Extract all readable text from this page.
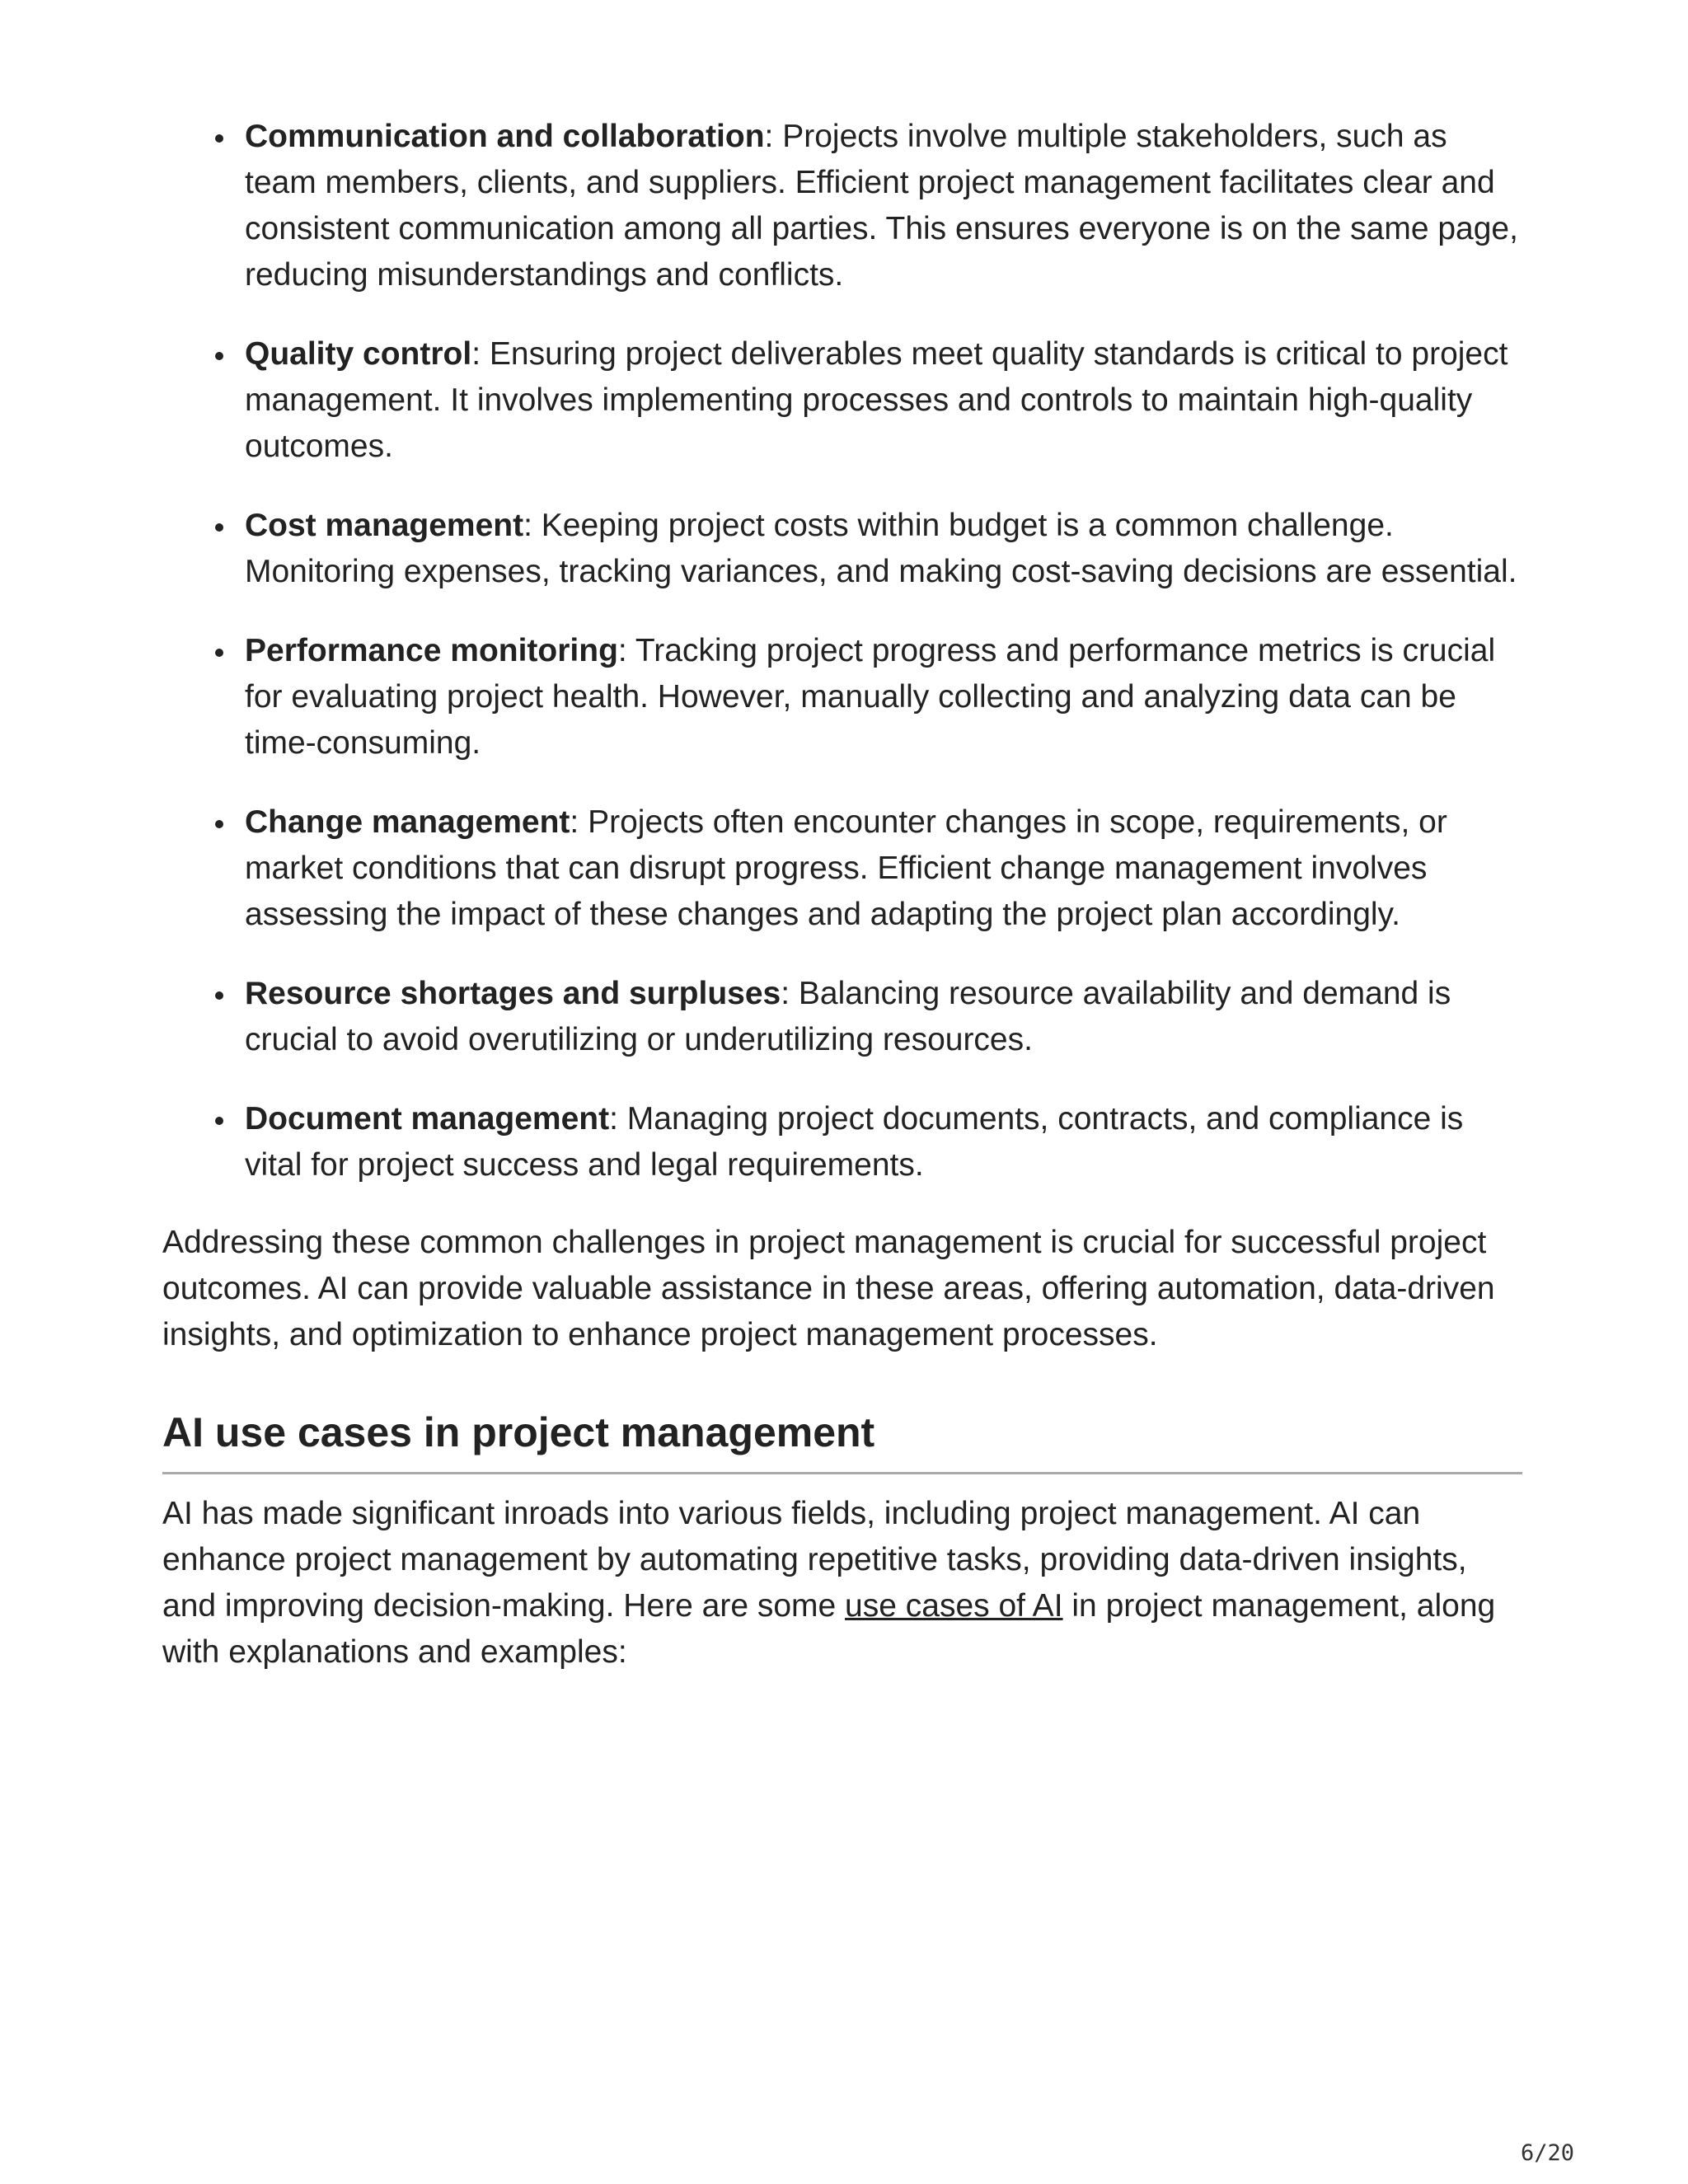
Communication and collaboration: Projects involve multiple stakeholders, such as team members, clients, and suppliers. Efficient project management facilitates clear and consistent communication among all parties. This ensures everyone is on the same page, reducing misunderstandings and conflicts.
Quality control: Ensuring project deliverables meet quality standards is critical to project management. It involves implementing processes and controls to maintain high-quality outcomes.
Cost management: Keeping project costs within budget is a common challenge. Monitoring expenses, tracking variances, and making cost-saving decisions are essential.
Performance monitoring: Tracking project progress and performance metrics is crucial for evaluating project health. However, manually collecting and analyzing data can be time-consuming.
Change management: Projects often encounter changes in scope, requirements, or market conditions that can disrupt progress. Efficient change management involves assessing the impact of these changes and adapting the project plan accordingly.
Resource shortages and surpluses: Balancing resource availability and demand is crucial to avoid overutilizing or underutilizing resources.
Document management: Managing project documents, contracts, and compliance is vital for project success and legal requirements.

Addressing these common challenges in project management is crucial for successful project outcomes. AI can provide valuable assistance in these areas, offering automation, data-driven insights, and optimization to enhance project management processes.

AI use cases in project management

AI has made significant inroads into various fields, including project management. AI can enhance project management by automating repetitive tasks, providing data-driven insights, and improving decision-making. Here are some use cases of AI in project management, along with explanations and examples:

6/20
